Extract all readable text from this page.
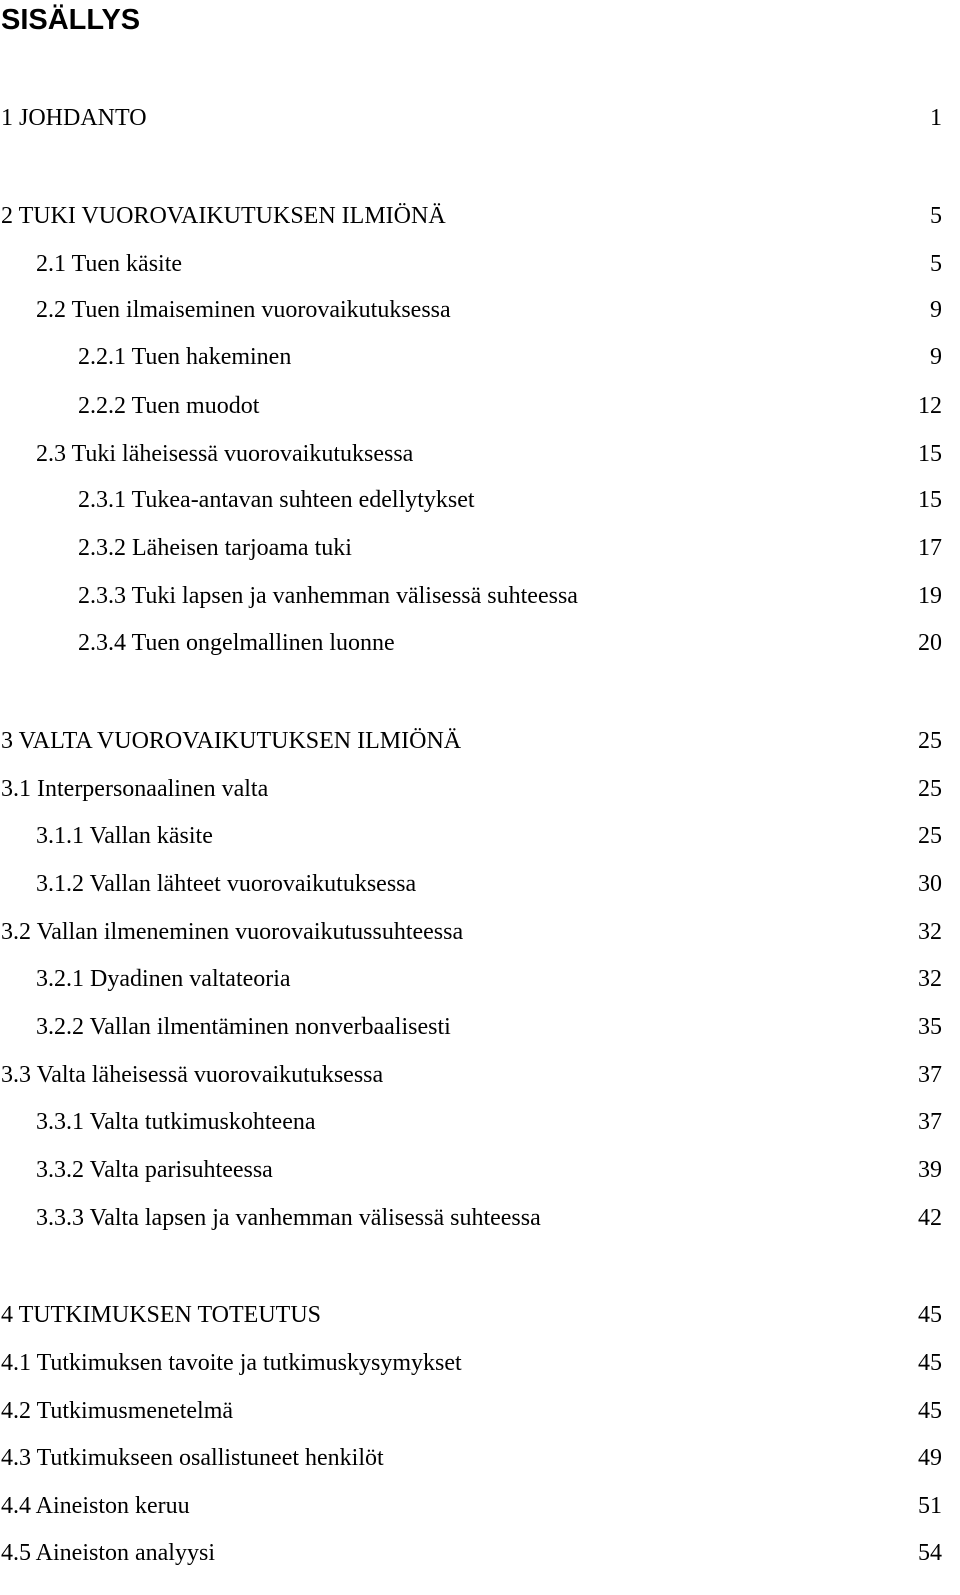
SISÄLLYS
1 JOHDANTO	1
2 TUKI VUOROVAIKUTUKSEN ILMIÖNÄ	5
2.1 Tuen käsite	5
2.2 Tuen ilmaiseminen vuorovaikutuksessa	9
2.2.1 Tuen hakeminen	9
2.2.2 Tuen muodot	12
2.3 Tuki läheisessä vuorovaikutuksessa	15
2.3.1 Tukea-antavan suhteen edellytykset	15
2.3.2 Läheisen tarjoama tuki	17
2.3.3 Tuki lapsen ja vanhemman välisessä suhteessa	19
2.3.4 Tuen ongelmallinen luonne	20
3 VALTA VUOROVAIKUTUKSEN ILMIÖNÄ	25
3.1 Interpersonaalinen valta	25
3.1.1 Vallan käsite	25
3.1.2 Vallan lähteet vuorovaikutuksessa	30
3.2 Vallan ilmeneminen vuorovaikutussuhteessa	32
3.2.1 Dyadinen valtateoria	32
3.2.2 Vallan ilmentäminen nonverbaalisesti	35
3.3 Valta läheisessä vuorovaikutuksessa	37
3.3.1 Valta tutkimuskohteena	37
3.3.2 Valta parisuhteessa	39
3.3.3 Valta lapsen ja vanhemman välisessä suhteessa	42
4 TUTKIMUKSEN TOTEUTUS	45
4.1 Tutkimuksen tavoite ja tutkimuskysymykset	45
4.2 Tutkimusmenetelmä	45
4.3 Tutkimukseen osallistuneet henkilöt	49
4.4 Aineiston keruu	51
4.5 Aineiston analyysi	54
